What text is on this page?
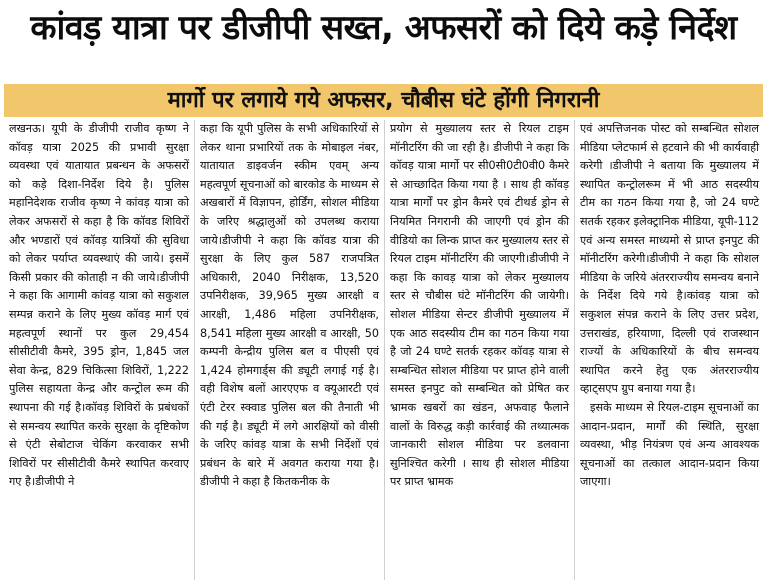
कांवड़ यात्रा पर डीजीपी सख्त, अफसरों को दिये कड़े निर्देश
मार्गो पर लगाये गये अफसर, चौबीस घंटे होंगी निगरानी

लखनऊ। यूपी के डीजीपी राजीव कृष्ण ने कॉवड़ यात्रा 2025 की प्रभावी सुरक्षा व्यवस्था एवं यातायात प्रबन्धन के अफसरों को कड़े दिशा-निर्देश दिये है। पुलिस महानिदेशक राजीव कृष्ण ने कांवड़ यात्रा को लेकर अफसरों से कहा है कि कॉवड शिविरों और भण्डारों एवं कॉवड़ यात्रियों की सुविधा को लेकर पर्याप्त व्यवस्थाएं की जाये। इसमें किसी प्रकार की कोताही न की जाये।डीजीपी ने कहा कि आगामी कांवड़ यात्रा को सकुशल सम्पन्न कराने के लिए मुख्य कॉवड़ मार्ग एवं महत्वपूर्ण स्थानों पर कुल 29,454 सीसीटीवी कैमरे, 395 ड्रोन, 1,845 जल सेवा केन्द्र, 829 चिकित्सा शिविरों, 1,222 पुलिस सहायता केन्द्र और कन्ट्रोल रूम की स्थापना की गई है।कॉवड़ शिविरों के प्रबंधकों से समन्वय स्थापित करके सुरक्षा के दृष्टिकोण से एंटी सेबोटाज चेकिंग करवाकर सभी शिविरों पर सीसीटीवी कैमरे स्थापित करवाए गए है।डीजीपी ने

कहा कि यूपी पुलिस के सभी अधिकारियों से लेकर थाना प्रभारियों तक के मोबाइल नंबर, यातायात डाइवर्जन स्कीम एवम् अन्य महत्वपूर्ण सूचनाओं को बारकोड के माध्यम से अखबारों में विज्ञापन, होर्डिंग, सोशल मीडिया के जरिए श्रद्धालुओं को उपलब्ध कराया जाये।डीजीपी ने कहा कि कॉवड यात्रा की सुरक्षा के लिए कुल 587 राजपत्रित अधिकारी, 2040 निरीक्षक, 13,520 उपनिरीक्षक, 39,965 मुख्य आरक्षी व आरक्षी, 1,486 महिला उपनिरीक्षक, 8,541 महिला मुख्य आरक्षी व आरक्षी, 50 कम्पनी केन्द्रीय पुलिस बल व पीएसी एवं 1,424 होमगार्ड्स की ड्यूटी लगाई गई है। वही विशेष बलों आरएएफ व क्यूआरटी एवं एंटी टेरर स्क्वाड पुलिस बल की तैनाती भी की गई है। ड्यूटी में लगे आरक्षियों को वीसी के जरिए कांवड़ यात्रा के सभी निर्देशों एवं प्रबंधन के बारे में अवगत कराया गया है। डीजीपी ने कहा है कितकनीक के

प्रयोग से मुख्यालय स्तर से रियल टाइम मॉनीटरिंग की जा रही है। डीजीपी ने कहा कि कॉवड़ यात्रा मार्गो पर सी0सी0टी0वी0 कैमरे से आच्छादित किया गया है । साथ ही कॉवड़ यात्रा मार्गों पर ड्रोन कैमरे एवं टीथर्ड ड्रोन से नियमित निगरानी की जाएगी एवं ड्रोन की वीडियो का लिन्क प्राप्त कर मुख्यालय स्तर से रियल टाइम मॉनीटरिंग की जाएगी।डीजीपी ने कहा कि कावड़ यात्रा को लेकर मुख्यालय स्तर से चौबीस घंटे मॉनीटरिंग की जायेगी।सोशल मीडिया सेन्टर डीजीपी मुख्यालय में एक आठ सदस्यीय टीम का गठन किया गया है जो 24 घण्टे सतर्क रहकर कॉवड़ यात्रा से सम्बन्धित सोशल मीडिया पर प्राप्त होने वाली समस्त इनपुट को सम्बन्धित को प्रेषित कर भ्रामक खबरों का खंडन, अफवाह फैलाने वालों के विरुद्ध कड़ी कार्रवाई की तथ्यात्मक जानकारी सोशल मीडिया पर डलवाना सुनिश्चित करेगी । साथ ही सोशल मीडिया पर प्राप्त भ्रामक

एवं अपत्तिजनक पोस्ट को सम्बन्धित सोशल मीडिया प्लेटफार्म से हटवाने की भी कार्यवाही करेगी ।डीजीपी ने बताया कि मुख्यालय में स्थापित कन्ट्रोलरूम में भी आठ सदस्यीय टीम का गठन किया गया है, जो 24 घण्टे सतर्क रहकर इलेक्ट्रानिक मीडिया, यूपी-112 एवं अन्य समस्त माध्यमो से प्राप्त इनपुट की मॉनीटरिंग करेगी।डीजीपी ने कहा कि सोशल मीडिया के जरिये अंतरराज्यीय समन्वय बनाने के निर्देश दिये गये है।कांवड़ यात्रा को सकुशल संपन्न कराने के लिए उत्तर प्रदेश, उत्तराखंड, हरियाणा, दिल्ली एवं राजस्थान राज्यों के अधिकारियों के बीच समन्वय स्थापित करने हेतु एक अंतरराज्यीय व्हाट्सएप ग्रुप बनाया गया है।

इसके माध्यम से रियल-टाइम सूचनाओं का आदान-प्रदान, मार्गों की स्थिति, सुरक्षा व्यवस्था, भीड़ नियंत्रण एवं अन्य आवश्यक सूचनाओं का तत्काल आदान-प्रदान किया जाएगा।
